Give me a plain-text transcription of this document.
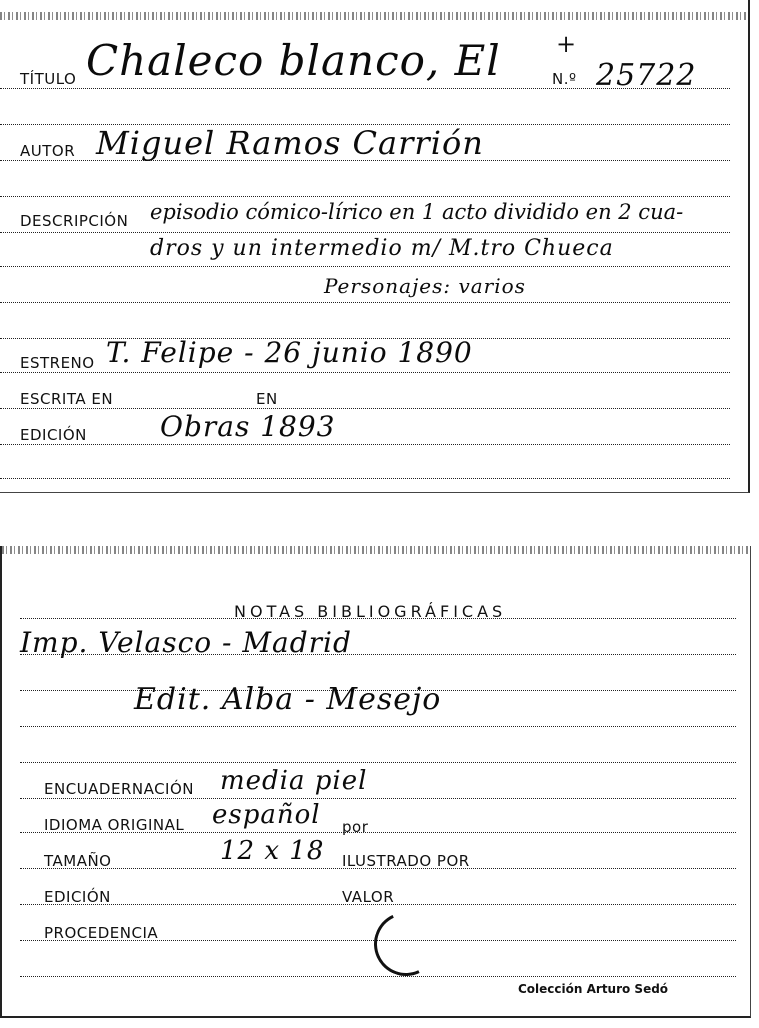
TÍTULO Chaleco blanco, El +
N.º 25722
AUTOR Miguel Ramos Carrión
DESCRIPCIÓN episodio cómico-lírico en 1 acto dividido en 2 cua-
dros y un intermedio m/ M.tro Chueca
Personajes: varios
ESTRENO T. Felipe - 26 junio 1890
ESCRITA EN	EN
EDICIÓN	Obras 1893
NOTAS BIBLIOGRÁFICAS
Imp. Velasco - Madrid
Edit. Alba - Mesejo
ENCUADERNACIÓN media piel
IDIOMA ORIGINAL español por
TAMAÑO	12 x 18 ILUSTRADO POR
EDICIÓN	VALOR
PROCEDENCIA
Colección Arturo Sedó
